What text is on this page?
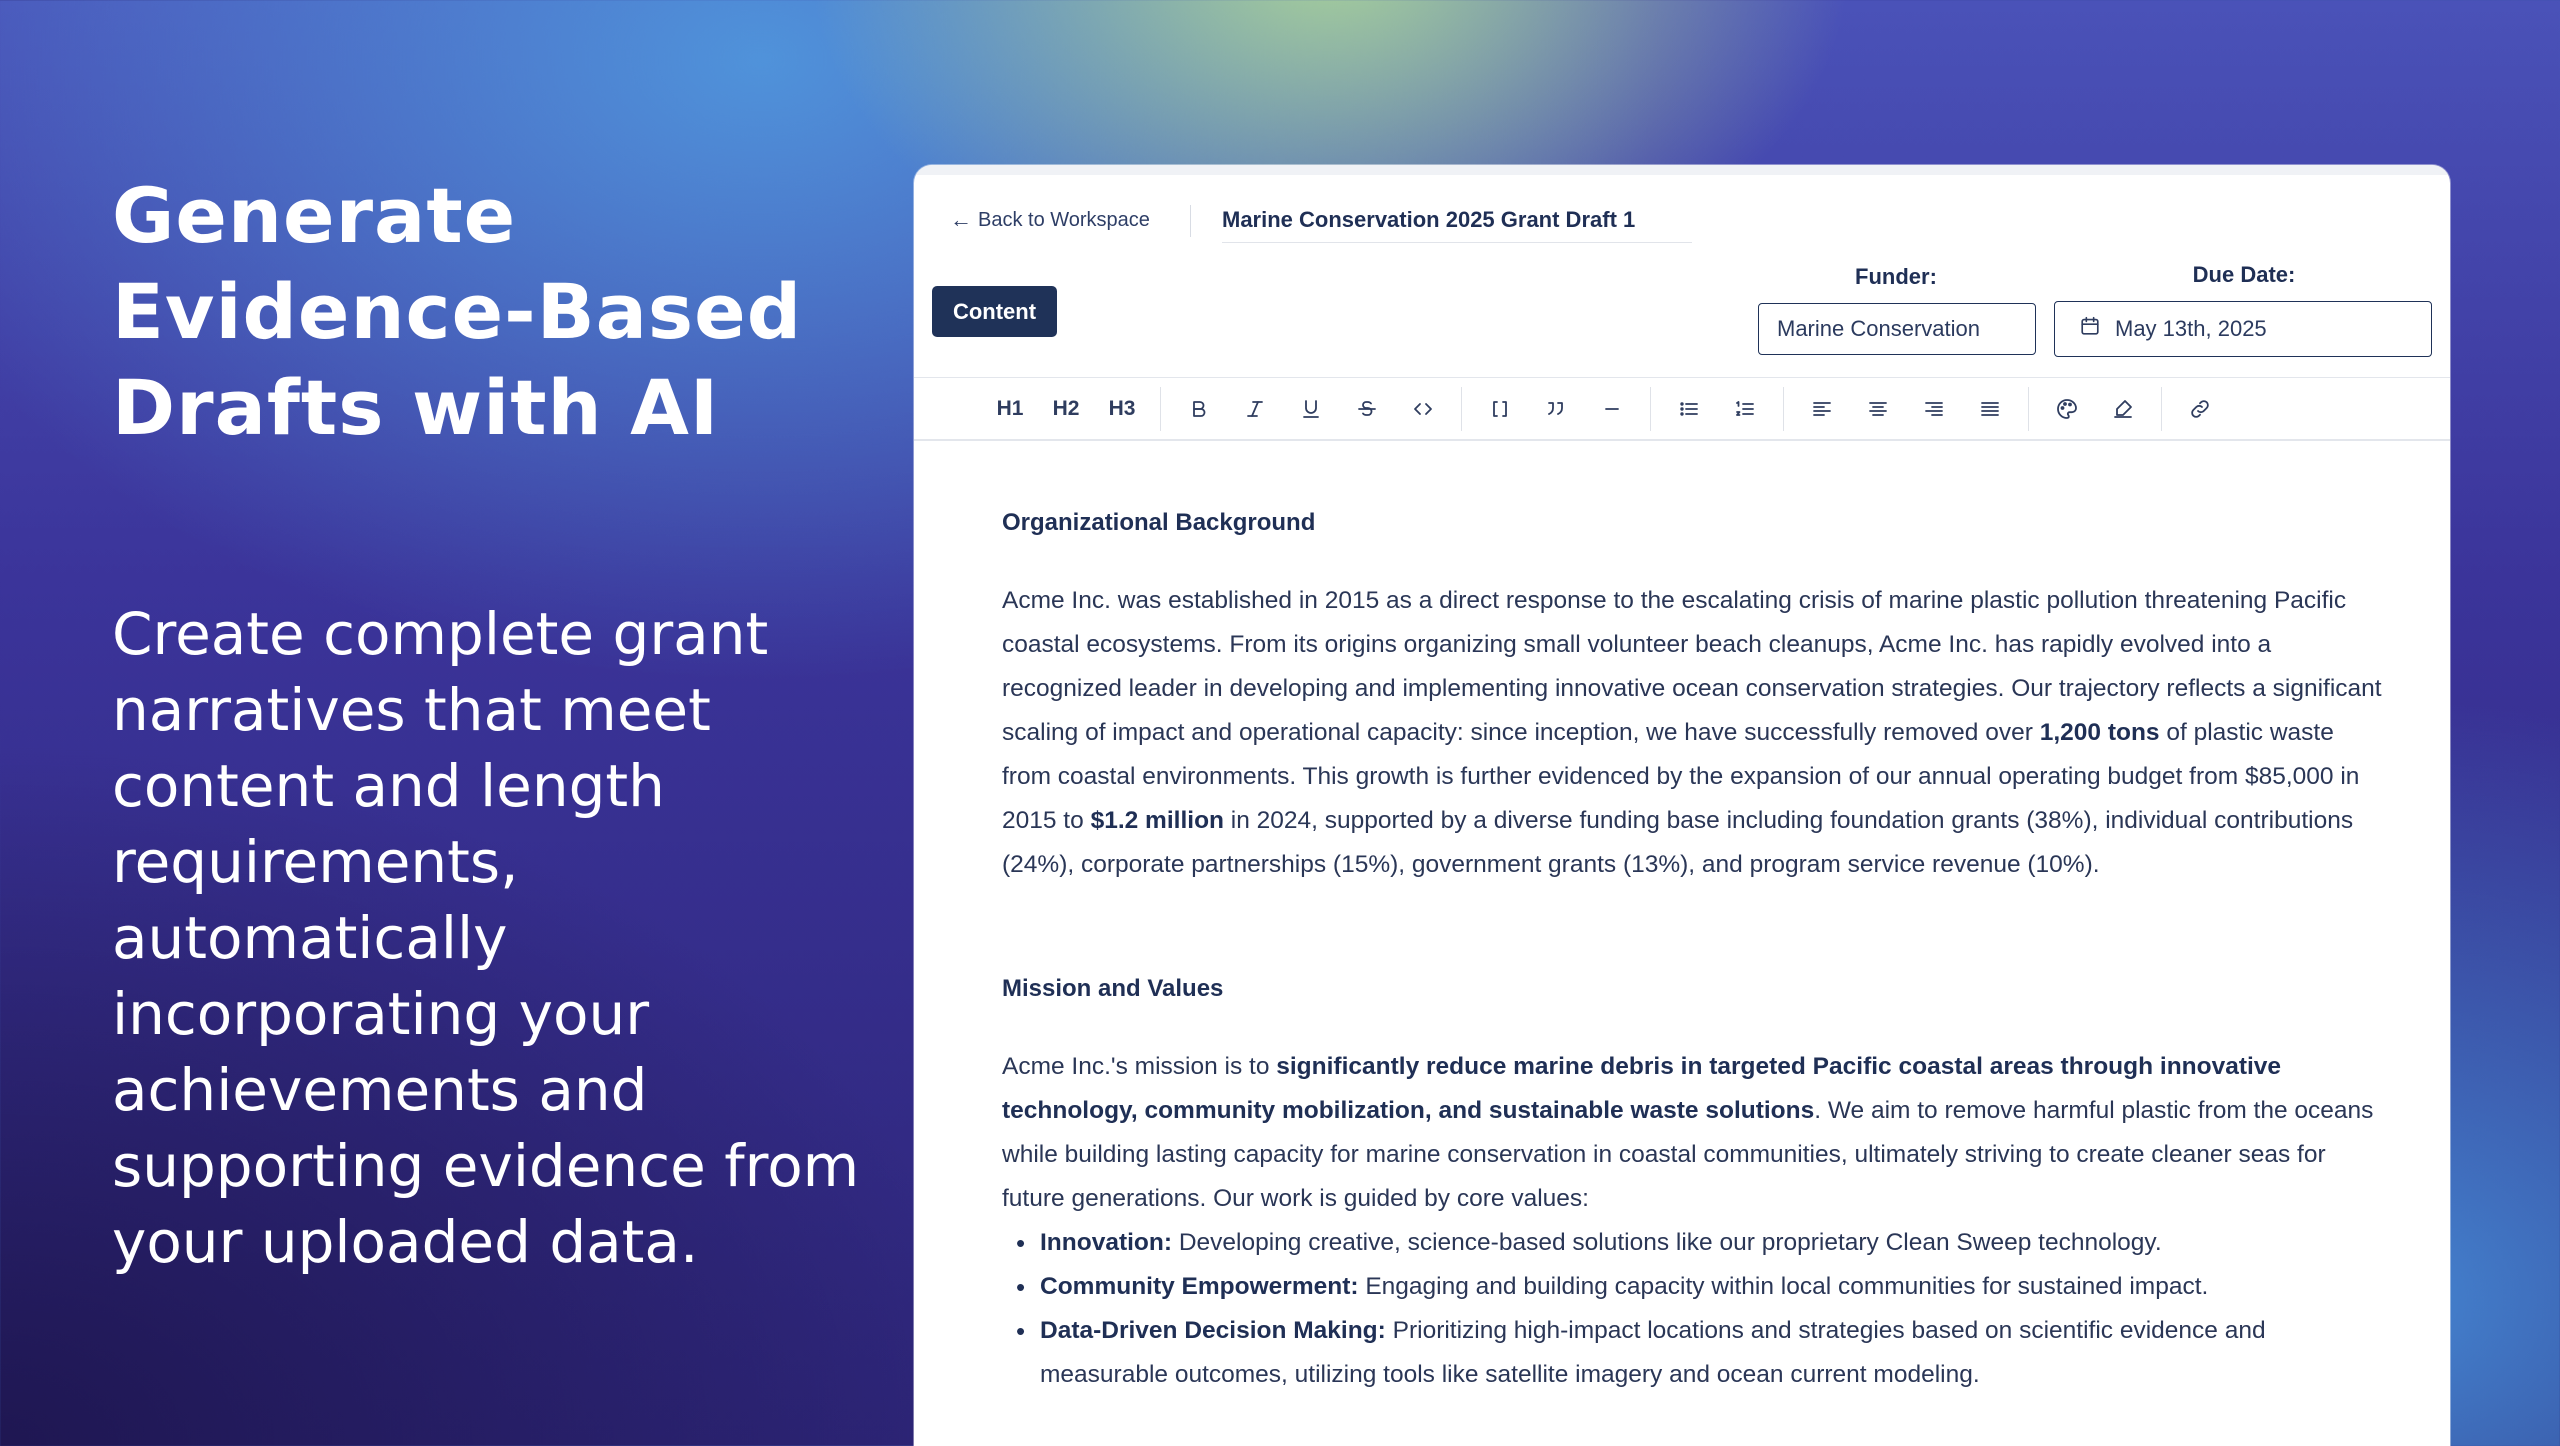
Generate Evidence-Based Drafts with AI
Create complete grant narratives that meet content and length requirements, automatically incorporating your achievements and supporting evidence from your uploaded data.
← Back to Workspace	Marine Conservation 2025 Grant Draft 1
Content
Funder:	Due Date:
Marine Conservation	May 13th, 2025
H1	H2	H3
Organizational Background

Acme Inc. was established in 2015 as a direct response to the escalating crisis of marine plastic pollution threatening Pacific coastal ecosystems. From its origins organizing small volunteer beach cleanups, Acme Inc. has rapidly evolved into a recognized leader in developing and implementing innovative ocean conservation strategies. Our trajectory reflects a significant scaling of impact and operational capacity: since inception, we have successfully removed over 1,200 tons of plastic waste from coastal environments. This growth is further evidenced by the expansion of our annual operating budget from $85,000 in 2015 to $1.2 million in 2024, supported by a diverse funding base including foundation grants (38%), individual contributions (24%), corporate partnerships (15%), government grants (13%), and program service revenue (10%).

Mission and Values

Acme Inc.'s mission is to significantly reduce marine debris in targeted Pacific coastal areas through innovative technology, community mobilization, and sustainable waste solutions. We aim to remove harmful plastic from the oceans while building lasting capacity for marine conservation in coastal communities, ultimately striving to create cleaner seas for future generations. Our work is guided by core values:

• Innovation: Developing creative, science-based solutions like our proprietary Clean Sweep technology.
• Community Empowerment: Engaging and building capacity within local communities for sustained impact.
• Data-Driven Decision Making: Prioritizing high-impact locations and strategies based on scientific evidence and measurable outcomes, utilizing tools like satellite imagery and ocean current modeling.
